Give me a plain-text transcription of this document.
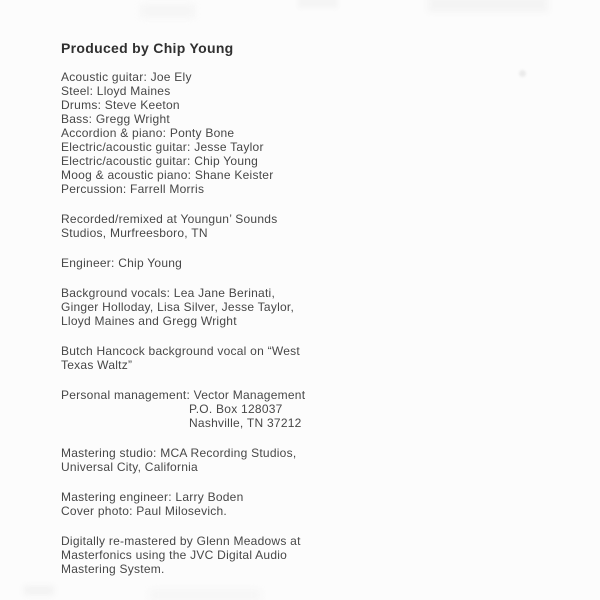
Produced by Chip Young
Acoustic guitar: Joe Ely
Steel: Lloyd Maines
Drums: Steve Keeton
Bass: Gregg Wright
Accordion & piano: Ponty Bone
Electric/acoustic guitar: Jesse Taylor
Electric/acoustic guitar: Chip Young
Moog & acoustic piano: Shane Keister
Percussion: Farrell Morris
Recorded/remixed at Youngun’ Sounds
Studios, Murfreesboro, TN
Engineer: Chip Young
Background vocals: Lea Jane Berinati,
Ginger Holloday, Lisa Silver, Jesse Taylor,
Lloyd Maines and Gregg Wright
Butch Hancock background vocal on “West
Texas Waltz”
Personal management: Vector Management
P.O. Box 128037
Nashville, TN 37212
Mastering studio: MCA Recording Studios,
Universal City, California
Mastering engineer: Larry Boden
Cover photo: Paul Milosevich.
Digitally re-mastered by Glenn Meadows at
Masterfonics using the JVC Digital Audio
Mastering System.
